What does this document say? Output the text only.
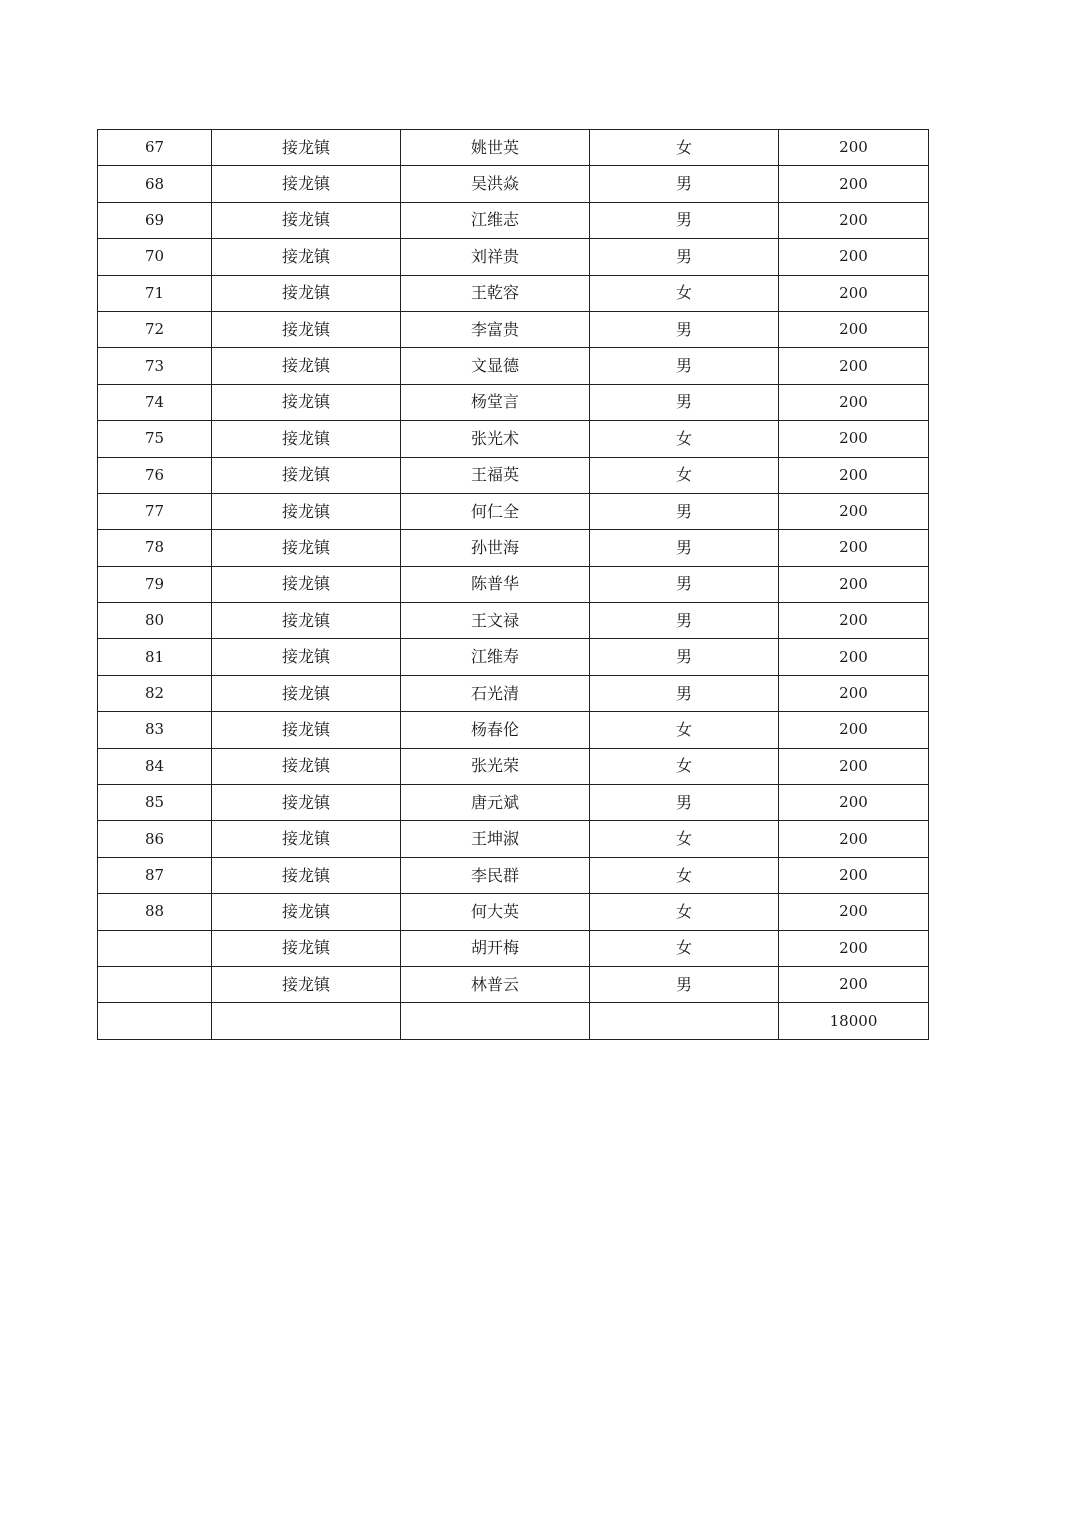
67	接龙镇	姚世英	女	200
68	接龙镇	吴洪焱	男	200
69	接龙镇	江维志	男	200
70	接龙镇	刘祥贵	男	200
71	接龙镇	王乾容	女	200
72	接龙镇	李富贵	男	200
73	接龙镇	文显德	男	200
74	接龙镇	杨堂言	男	200
75	接龙镇	张光术	女	200
76	接龙镇	王福英	女	200
77	接龙镇	何仁全	男	200
78	接龙镇	孙世海	男	200
79	接龙镇	陈普华	男	200
80	接龙镇	王文禄	男	200
81	接龙镇	江维寿	男	200
82	接龙镇	石光清	男	200
83	接龙镇	杨春伦	女	200
84	接龙镇	张光荣	女	200
85	接龙镇	唐元斌	男	200
86	接龙镇	王坤淑	女	200
87	接龙镇	李民群	女	200
88	接龙镇	何大英	女	200
	接龙镇	胡开梅	女	200
	接龙镇	林普云	男	200
				18000
